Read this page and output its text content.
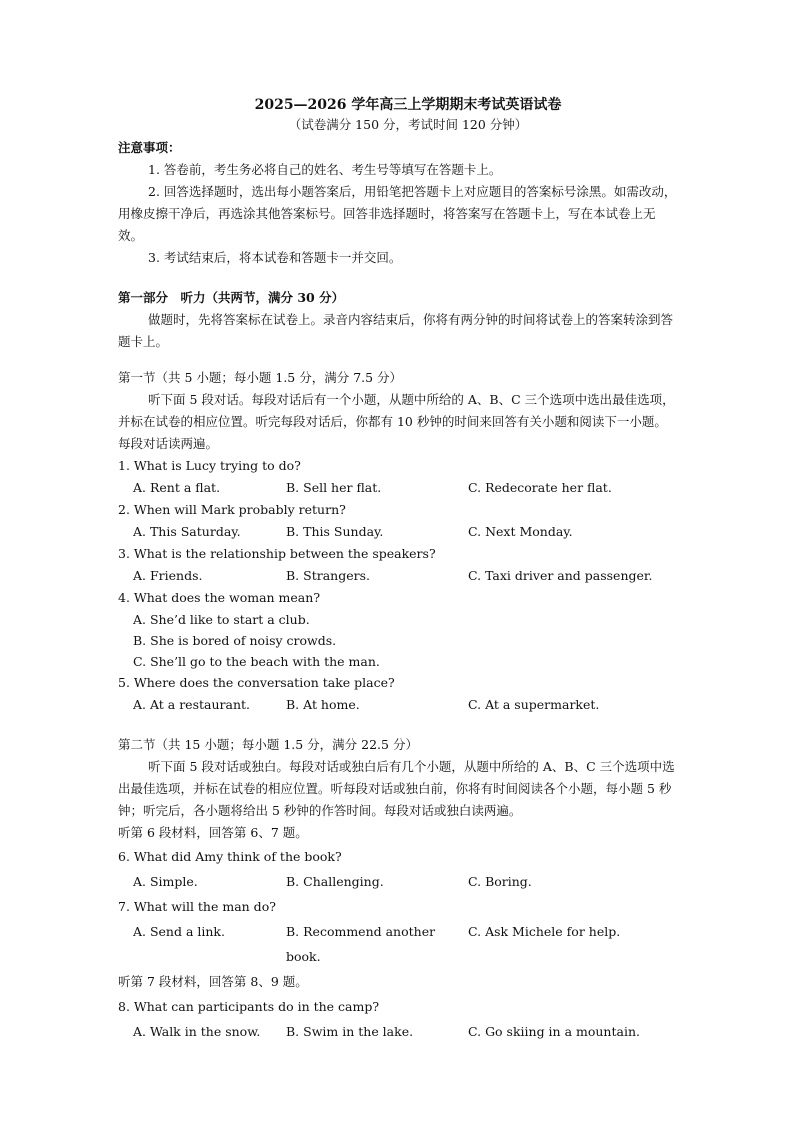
2025—2026 学年高三上学期期末考试英语试卷
（试卷满分 150 分，考试时间 120 分钟）

注意事项：

1. 答卷前，考生务必将自己的姓名、考生号等填写在答题卡上。

2. 回答选择题时，选出每小题答案后，用铅笔把答题卡上对应题目的答案标号涂黑。如需改动，用橡皮擦干净后，再选涂其他答案标号。回答非选择题时，将答案写在答题卡上，写在本试卷上无效。

3. 考试结束后，将本试卷和答题卡一并交回。

第一部分　听力（共两节，满分 30 分）

做题时，先将答案标在试卷上。录音内容结束后，你将有两分钟的时间将试卷上的答案转涂到答题卡上。

第一节（共 5 小题；每小题 1.5 分，满分 7.5 分）

听下面 5 段对话。每段对话后有一个小题，从题中所给的 A、B、C 三个选项中选出最佳选项，并标在试卷的相应位置。听完每段对话后，你都有 10 秒钟的时间来回答有关小题和阅读下一小题。每段对话读两遍。

1. What is Lucy trying to do?

A. Rent a flat.	B. Sell her flat.	C. Redecorate her flat.

2. When will Mark probably return?

A. This Saturday.	B. This Sunday.	C. Next Monday.

3. What is the relationship between the speakers?

A. Friends.	B. Strangers.	C. Taxi driver and passenger.

4. What does the woman mean?

A. She’d like to start a club.
B. She is bored of noisy crowds.
C. She’ll go to the beach with the man.

5. Where does the conversation take place?

A. At a restaurant.	B. At home.	C. At a supermarket.

第二节（共 15 小题；每小题 1.5 分，满分 22.5 分）

听下面 5 段对话或独白。每段对话或独白后有几个小题，从题中所给的 A、B、C 三个选项中选出最佳选项，并标在试卷的相应位置。听每段对话或独白前，你将有时间阅读各个小题，每小题 5 秒钟；听完后，各小题将给出 5 秒钟的作答时间。每段对话或独白读两遍。

听第 6 段材料，回答第 6、7 题。

6. What did Amy think of the book?

A. Simple.	B. Challenging.	C. Boring.

7. What will the man do?

A. Send a link.	B. Recommend another book.
C. Ask Michele for help.

听第 7 段材料，回答第 8、9 题。

8. What can participants do in the camp?

A. Walk in the snow.	B. Swim in the lake.	C. Go skiing in a mountain.
